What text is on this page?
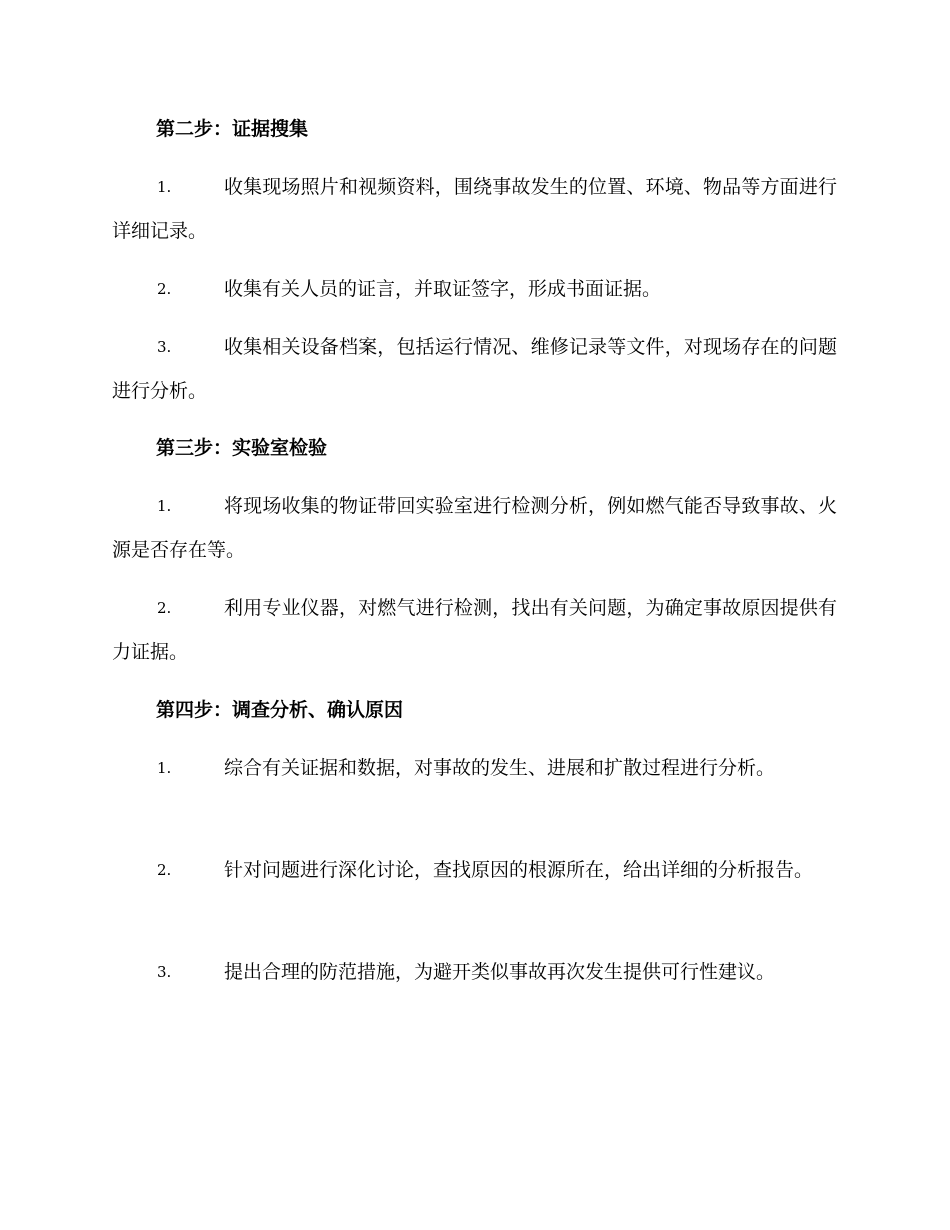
第二步：证据搜集
1.	收集现场照片和视频资料，围绕事故发生的位置、环境、物品等方面进行详细记录。
2.	收集有关人员的证言，并取证签字，形成书面证据。
3.	收集相关设备档案，包括运行情况、维修记录等文件，对现场存在的问题进行分析。
第三步：实验室检验
1.	将现场收集的物证带回实验室进行检测分析，例如燃气能否导致事故、火源是否存在等。
2.	利用专业仪器，对燃气进行检测，找出有关问题，为确定事故原因提供有力证据。
第四步：调查分析、确认原因
1.	综合有关证据和数据，对事故的发生、进展和扩散过程进行分析。
2.	针对问题进行深化讨论，查找原因的根源所在，给出详细的分析报告。
3.	提出合理的防范措施，为避开类似事故再次发生提供可行性建议。
